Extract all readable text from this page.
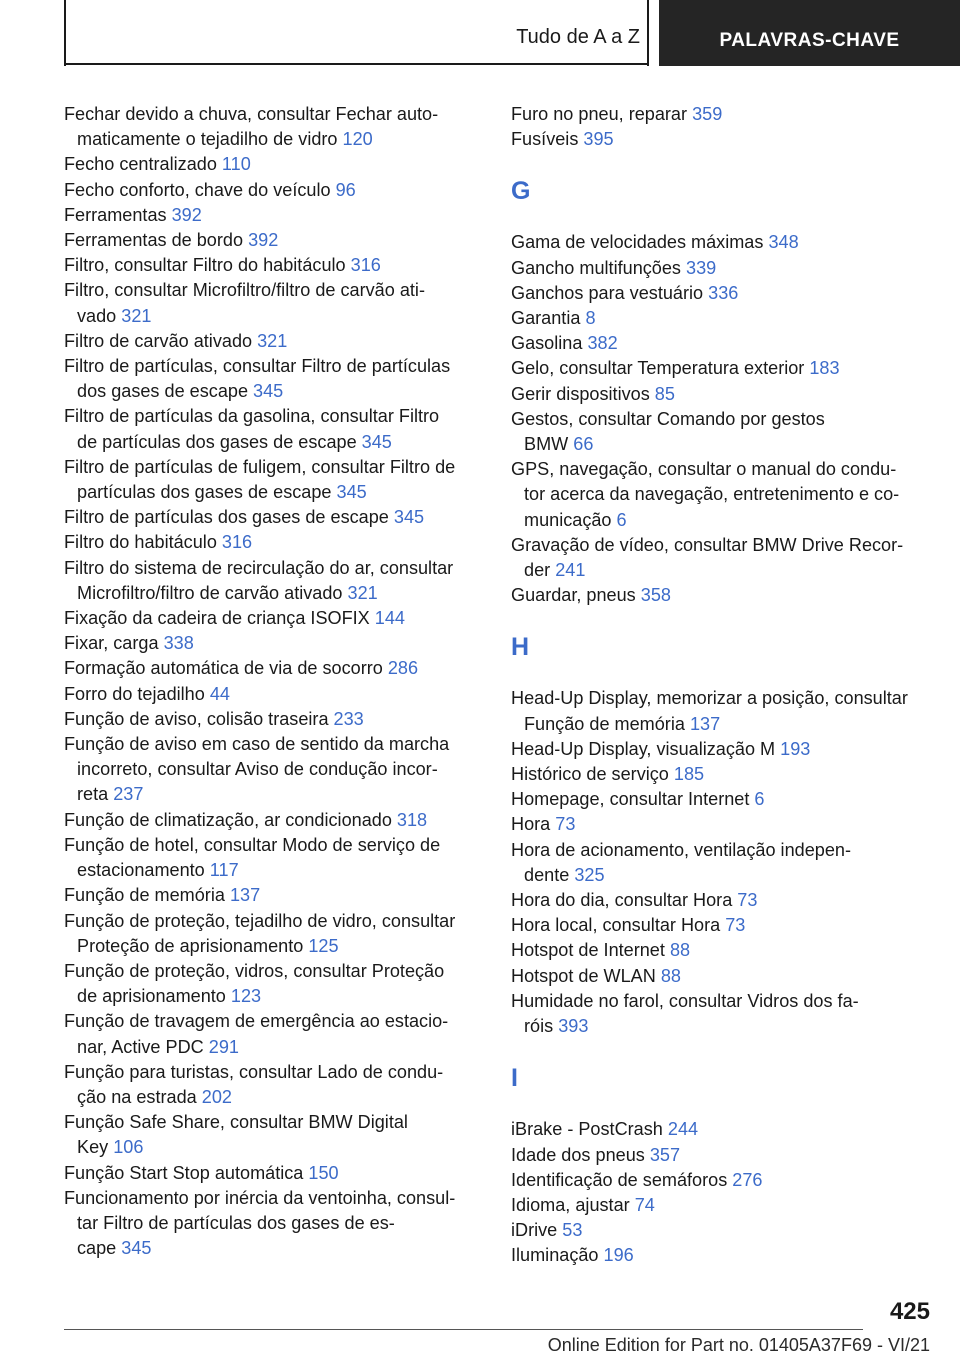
Tudo de A a Z	PALAVRAS-CHAVE
Fechar devido a chuva, consultar Fechar auto-
maticamente o tejadilho de vidro 120
Fecho centralizado 110
Fecho conforto, chave do veículo 96
Ferramentas 392
Ferramentas de bordo 392
Filtro, consultar Filtro do habitáculo 316
Filtro, consultar Microfiltro/filtro de carvão ati-
vado 321
Filtro de carvão ativado 321
Filtro de partículas, consultar Filtro de partículas
dos gases de escape 345
Filtro de partículas da gasolina, consultar Filtro
de partículas dos gases de escape 345
Filtro de partículas de fuligem, consultar Filtro de
partículas dos gases de escape 345
Filtro de partículas dos gases de escape 345
Filtro do habitáculo 316
Filtro do sistema de recirculação do ar, consultar
Microfiltro/filtro de carvão ativado 321
Fixação da cadeira de criança ISOFIX 144
Fixar, carga 338
Formação automática de via de socorro 286
Forro do tejadilho 44
Função de aviso, colisão traseira 233
Função de aviso em caso de sentido da marcha
incorreto, consultar Aviso de condução incor-
reta 237
Função de climatização, ar condicionado 318
Função de hotel, consultar Modo de serviço de
estacionamento 117
Função de memória 137
Função de proteção, tejadilho de vidro, consultar
Proteção de aprisionamento 125
Função de proteção, vidros, consultar Proteção
de aprisionamento 123
Função de travagem de emergência ao estacio-
nar, Active PDC 291
Função para turistas, consultar Lado de condu-
ção na estrada 202
Função Safe Share, consultar BMW Digital
Key 106
Função Start Stop automática 150
Funcionamento por inércia da ventoinha, consul-
tar Filtro de partículas dos gases de es-
cape 345
Furo no pneu, reparar 359
Fusíveis 395
G
Gama de velocidades máximas 348
Gancho multifunções 339
Ganchos para vestuário 336
Garantia 8
Gasolina 382
Gelo, consultar Temperatura exterior 183
Gerir dispositivos 85
Gestos, consultar Comando por gestos
BMW 66
GPS, navegação, consultar o manual do condu-
tor acerca da navegação, entretenimento e co-
municação 6
Gravação de vídeo, consultar BMW Drive Recor-
der 241
Guardar, pneus 358
H
Head-Up Display, memorizar a posição, consultar
Função de memória 137
Head-Up Display, visualização M 193
Histórico de serviço 185
Homepage, consultar Internet 6
Hora 73
Hora de acionamento, ventilação indepen-
dente 325
Hora do dia, consultar Hora 73
Hora local, consultar Hora 73
Hotspot de Internet 88
Hotspot de WLAN 88
Humidade no farol, consultar Vidros dos fa-
róis 393
I
iBrake - PostCrash 244
Idade dos pneus 357
Identificação de semáforos 276
Idioma, ajustar 74
iDrive 53
Iluminação 196
425
Online Edition for Part no. 01405A37F69 - VI/21
